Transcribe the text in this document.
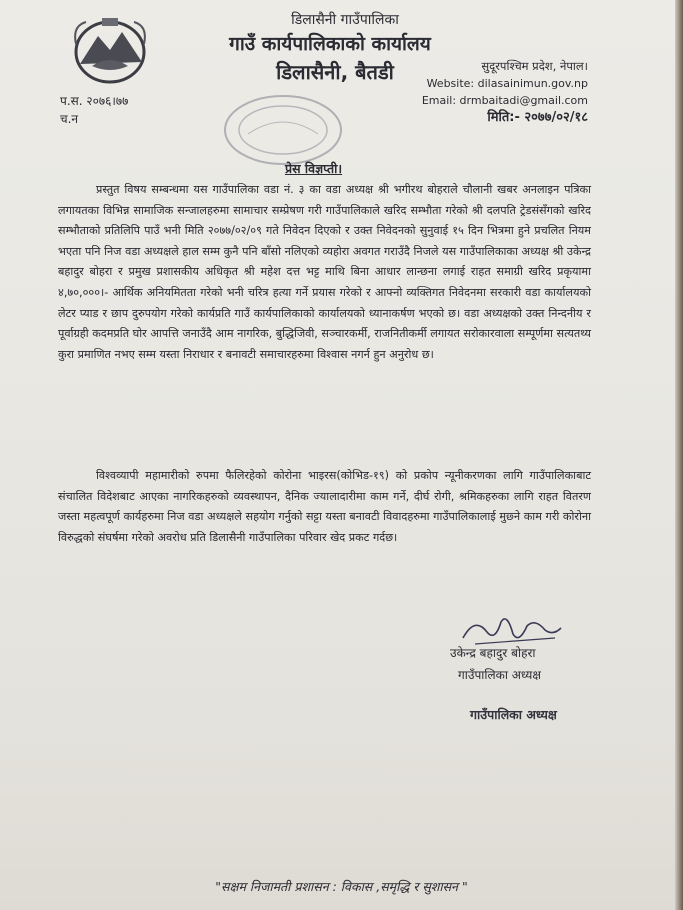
डिलासैनी गाउँपालिका
गाउँ कार्यपालिकाको कार्यालय
डिलासैनी, बैतडी
प.स. २०७६।७७
च.न
सुदूरपश्चिम प्रदेश, नेपाल।
Website: dilasainimun.gov.np
Email: drmbaitadi@gmail.com
मिति:- २०७७/०२/१८
प्रेस विज्ञप्ती।
प्रस्तुत विषय सम्बन्धमा यस गाउँपालिका वडा नं. ३ का वडा अध्यक्ष श्री भगीरथ बोहराले चौलानी खबर अनलाइन पत्रिका लगायतका विभिन्न सामाजिक सन्जालहरुमा सामाचार सम्प्रेषण गरी गाउँपालिकाले खरिद सम्भौता गरेको श्री दलपति ट्रेडसंसँगको खरिद सम्भौताको प्रतिलिपि पाउँ भनी मिति २०७७/०२/०९ गते निवेदन दिएको र उक्त निवेदनको सुनुवाई १५ दिन भित्रमा हुने प्रचलित नियम भएता पनि निज वडा अध्यक्षले हाल सम्म कुनै पनि बाँसो नलिएको व्यहोरा अवगत गराउँदै निजले यस गाउँपालिकाका अध्यक्ष श्री उकेन्द्र बहादुर बोहरा र प्रमुख प्रशासकीय अधिकृत श्री महेश दत्त भट्ट माथि बिना आधार लान्छना लगाई राहत समाग्री खरिद प्रकृयामा ४,७०,०००।- आर्थिक अनियमितता गरेको भनी चरित्र हत्या गर्ने प्रयास गरेको र आफ्नो व्यक्तिगत निवेदनमा सरकारी वडा कार्यालयको लेटर प्याड र छाप दुरुपयोग गरेको कार्यप्रति गाउँ कार्यपालिकाको कार्यालयको ध्यानाकर्षण भएको छ। वडा अध्यक्षको उक्त निन्दनीय र पूर्वाग्रही कदमप्रति घोर आपत्ति जनाउँदै आम नागरिक, बुद्धिजिवी, सञ्चारकर्मी, राजनितीकर्मी लगायत सरोकारवाला सम्पूर्णमा सत्यतथ्य कुरा प्रमाणित नभए सम्म यस्ता निराधार र बनावटी समाचारहरुमा विश्वास नगर्न हुन अनुरोध छ।
विश्वव्यापी महामारीको रुपमा फैलिरहेको कोरोना भाइरस(कोभिड-१९) को प्रकोप न्यूनीकरणका लागि गाउँपालिकाबाट संचालित विदेशबाट आएका नागरिकहरुको व्यवस्थापन, दैनिक ज्यालादारीमा काम गर्ने, दीर्घ रोगी, श्रमिकहरुका लागि राहत वितरण जस्ता महत्वपूर्ण कार्यहरुमा निज वडा अध्यक्षले सहयोग गर्नुको सट्टा यस्ता बनावटी विवादहरुमा गाउँपालिकालाई मुछ्ने काम गरी कोरोना विरुद्धको संघर्षमा गरेको अवरोध प्रति डिलासैनी गाउँपालिका परिवार खेद प्रकट गर्दछ।
उकेन्द्र बहादुर बोहरा
गाउँपालिका अध्यक्ष
गाउँपालिका अध्यक्ष
"सक्षम निजामती प्रशासन : विकास ,समृद्धि र सुशासन "
